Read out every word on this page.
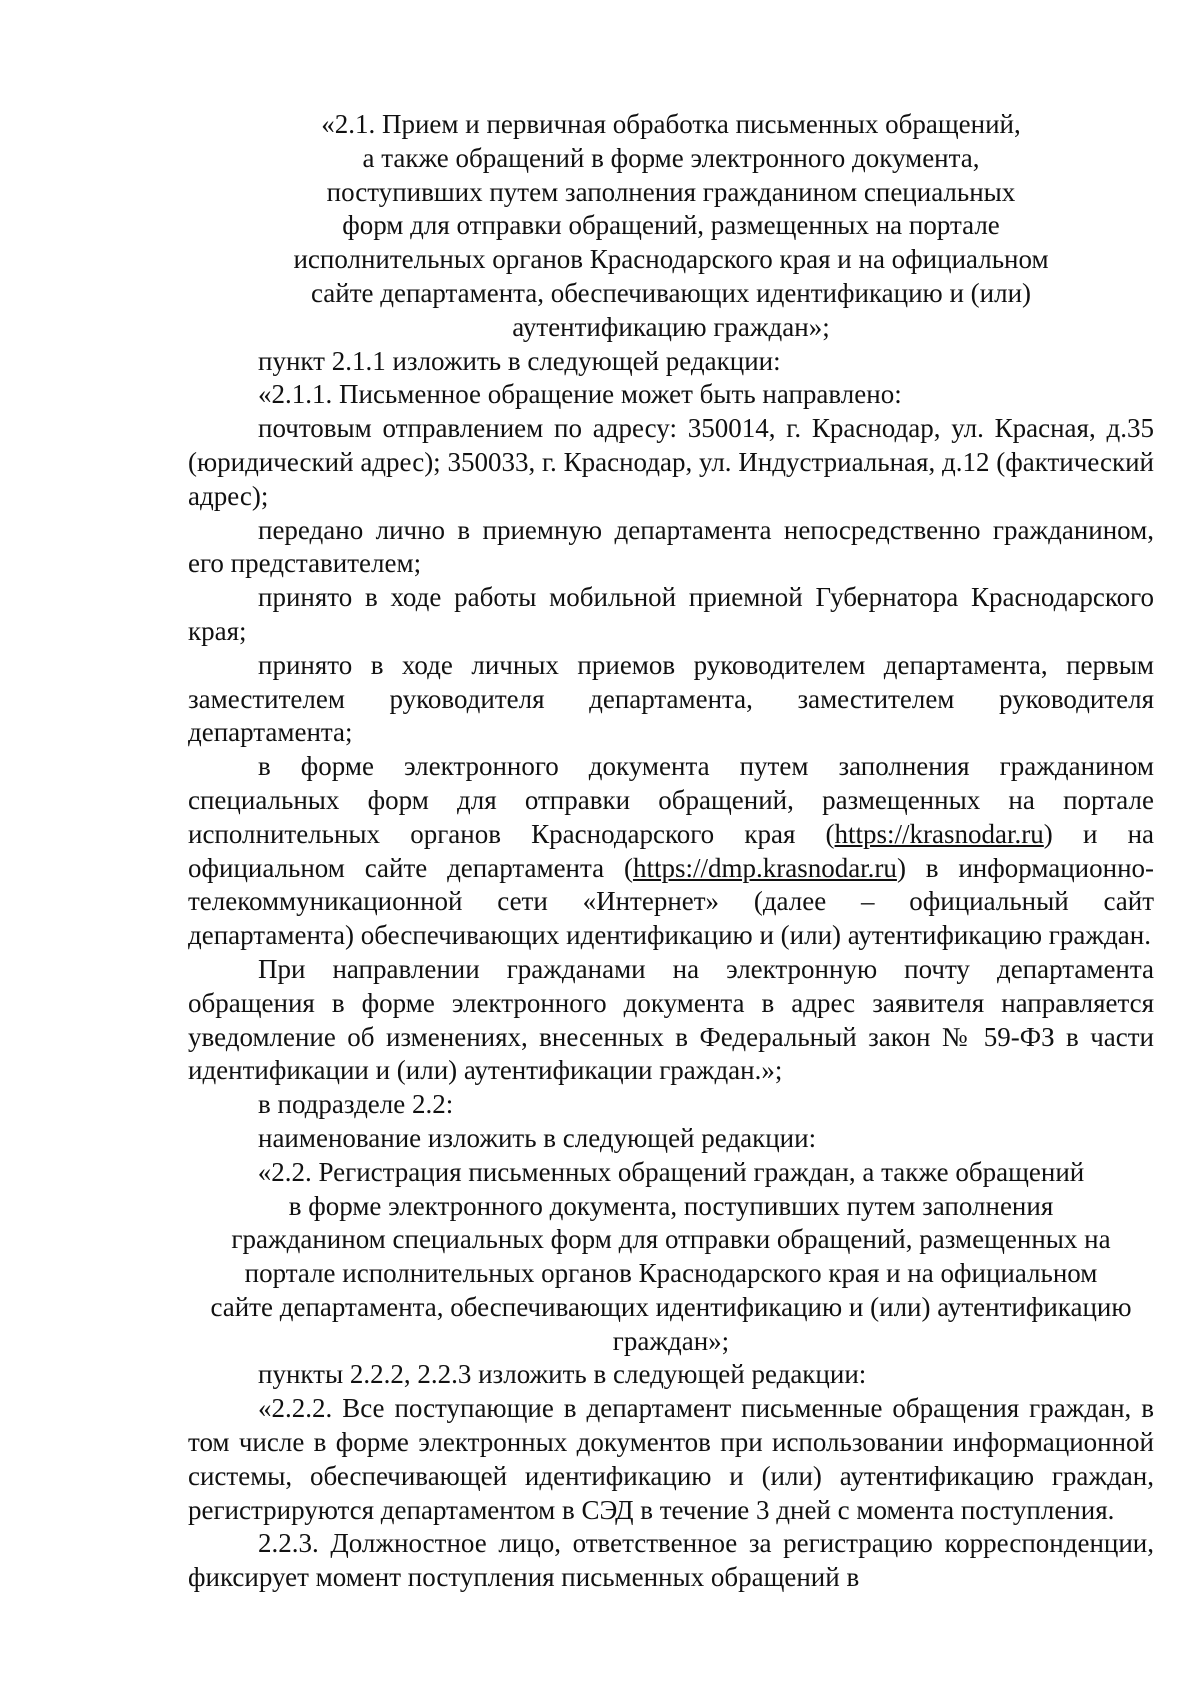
«2.1. Прием и первичная обработка письменных обращений,
а также обращений в форме электронного документа,
поступивших путем заполнения гражданином специальных
форм для отправки обращений, размещенных на портале
исполнительных органов Краснодарского края и на официальном
сайте департамента, обеспечивающих идентификацию и (или)
аутентификацию граждан»;

пункт 2.1.1 изложить в следующей редакции:

«2.1.1. Письменное обращение может быть направлено:

почтовым отправлением по адресу: 350014, г. Краснодар, ул. Красная, д.35 (юридический адрес); 350033, г. Краснодар, ул. Индустриальная, д.12 (фактический адрес);

передано лично в приемную департамента непосредственно гражданином, его представителем;

принято в ходе работы мобильной приемной Губернатора Краснодарского края;

принято в ходе личных приемов руководителем департамента, первым заместителем руководителя департамента, заместителем руководителя департамента;

в форме электронного документа путем заполнения гражданином специальных форм для отправки обращений, размещенных на портале исполнительных органов Краснодарского края (https://krasnodar.ru) и на официальном сайте департамента (https://dmp.krasnodar.ru) в информационно-телекоммуникационной сети «Интернет» (далее – официальный сайт департамента) обеспечивающих идентификацию и (или) аутентификацию граждан.

При направлении гражданами на электронную почту департамента обращения в форме электронного документа в адрес заявителя направляется уведомление об изменениях, внесенных в Федеральный закон № 59-ФЗ в части идентификации и (или) аутентификации граждан.»;

в подразделе 2.2:

наименование изложить в следующей редакции:

«2.2. Регистрация письменных обращений граждан, а также обращений
в форме электронного документа, поступивших путем заполнения
гражданином специальных форм для отправки обращений, размещенных на
портале исполнительных органов Краснодарского края и на официальном
сайте департамента, обеспечивающих идентификацию и (или) аутентификацию
граждан»;

пункты 2.2.2, 2.2.3 изложить в следующей редакции:

«2.2.2. Все поступающие в департамент письменные обращения граждан, в том числе в форме электронных документов при использовании информационной системы, обеспечивающей идентификацию и (или) аутентификацию граждан, регистрируются департаментом в СЭД в течение 3 дней с момента поступления.

2.2.3. Должностное лицо, ответственное за регистрацию корреспонденции, фиксирует момент поступления письменных обращений в
